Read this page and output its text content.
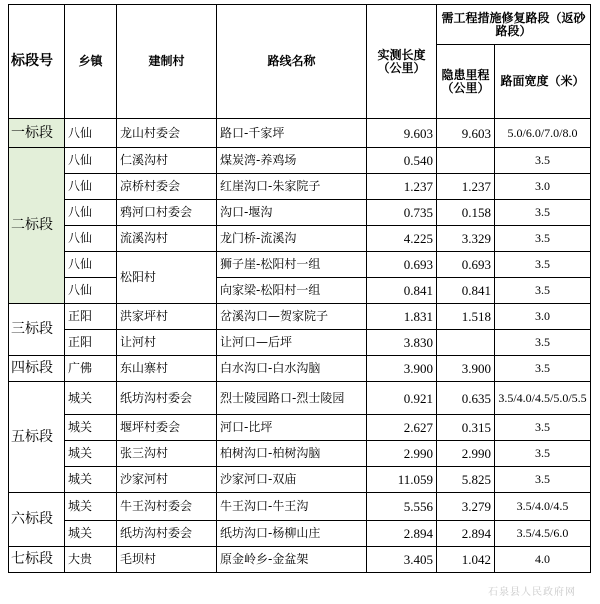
标段号	乡镇	建制村	路线名称	实测长度（公里）	需工程措施修复路段（返砂路段）	
					隐患里程（公里）	路面宽度（米）
一标段	八仙	龙山村委会	路口-千家坪	9.603	9.603	5.0/6.0/7.0/8.0
二标段	八仙	仁溪沟村	煤炭湾-养鸡场	0.540		3.5
	八仙	凉桥村委会	红崖沟口-朱家院子	1.237	1.237	3.0
	八仙	鸦河口村委会	沟口-堰沟	0.735	0.158	3.5
	八仙	流溪沟村	龙门桥-流溪沟	4.225	3.329	3.5
	八仙	松阳村	狮子崖-松阳村一组	0.693	0.693	3.5
	八仙		向家梁-松阳村一组	0.841	0.841	3.5
三标段	正阳	洪家坪村	岔溪沟口—贺家院子	1.831	1.518	3.0
	正阳	让河村	让河口—后坪	3.830		3.5
四标段	广佛	东山寨村	白水沟口-白水沟脑	3.900	3.900	3.5
五标段	城关	纸坊沟村委会	烈士陵园路口-烈士陵园	0.921	0.635	3.5/4.0/4.5/5.0/5.5
	城关	堰坪村委会	河口-比坪	2.627	0.315	3.5
	城关	张三沟村	柏树沟口-柏树沟脑	2.990	2.990	3.5
	城关	沙家河村	沙家河口-双庙	11.059	5.825	3.5
六标段	城关	牛王沟村委会	牛王沟口-牛王沟	5.556	3.279	3.5/4.0/4.5
	城关	纸坊沟村委会	纸坊沟口-杨柳山庄	2.894	2.894	3.5/4.5/6.0
七标段	大贵	毛坝村	原金岭乡-金盆架	3.405	1.042	4.0
石泉县人民政府网
